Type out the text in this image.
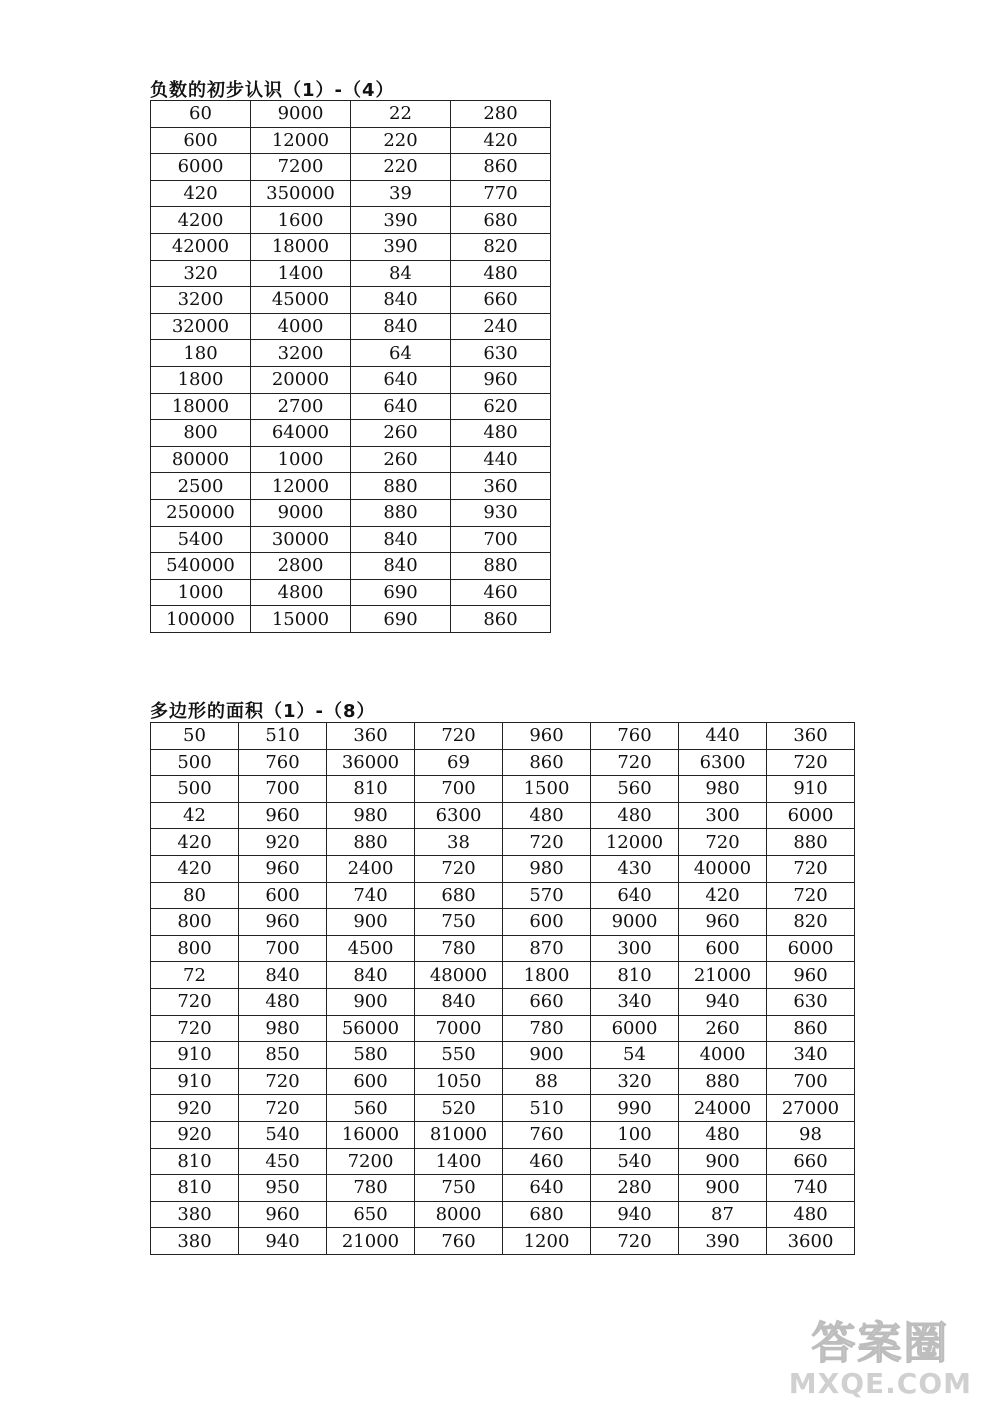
负数的初步认识（1）-（4）
60	9000	22	280
600	12000	220	420
6000	7200	220	860
420	350000	39	770
4200	1600	390	680
42000	18000	390	820
320	1400	84	480
3200	45000	840	660
32000	4000	840	240
180	3200	64	630
1800	20000	640	960
18000	2700	640	620
800	64000	260	480
80000	1000	260	440
2500	12000	880	360
250000	9000	880	930
5400	30000	840	700
540000	2800	840	880
1000	4800	690	460
100000	15000	690	860
多边形的面积（1）-（8）
50	510	360	720	960	760	440	360
500	760	36000	69	860	720	6300	720
500	700	810	700	1500	560	980	910
42	960	980	6300	480	480	300	6000
420	920	880	38	720	12000	720	880
420	960	2400	720	980	430	40000	720
80	600	740	680	570	640	420	720
800	960	900	750	600	9000	960	820
800	700	4500	780	870	300	600	6000
72	840	840	48000	1800	810	21000	960
720	480	900	840	660	340	940	630
720	980	56000	7000	780	6000	260	860
910	850	580	550	900	54	4000	340
910	720	600	1050	88	320	880	700
920	720	560	520	510	990	24000	27000
920	540	16000	81000	760	100	480	98
810	450	7200	1400	460	540	900	660
810	950	780	750	640	280	900	740
380	960	650	8000	680	940	87	480
380	940	21000	760	1200	720	390	3600
答案圈
MXQE.COM
